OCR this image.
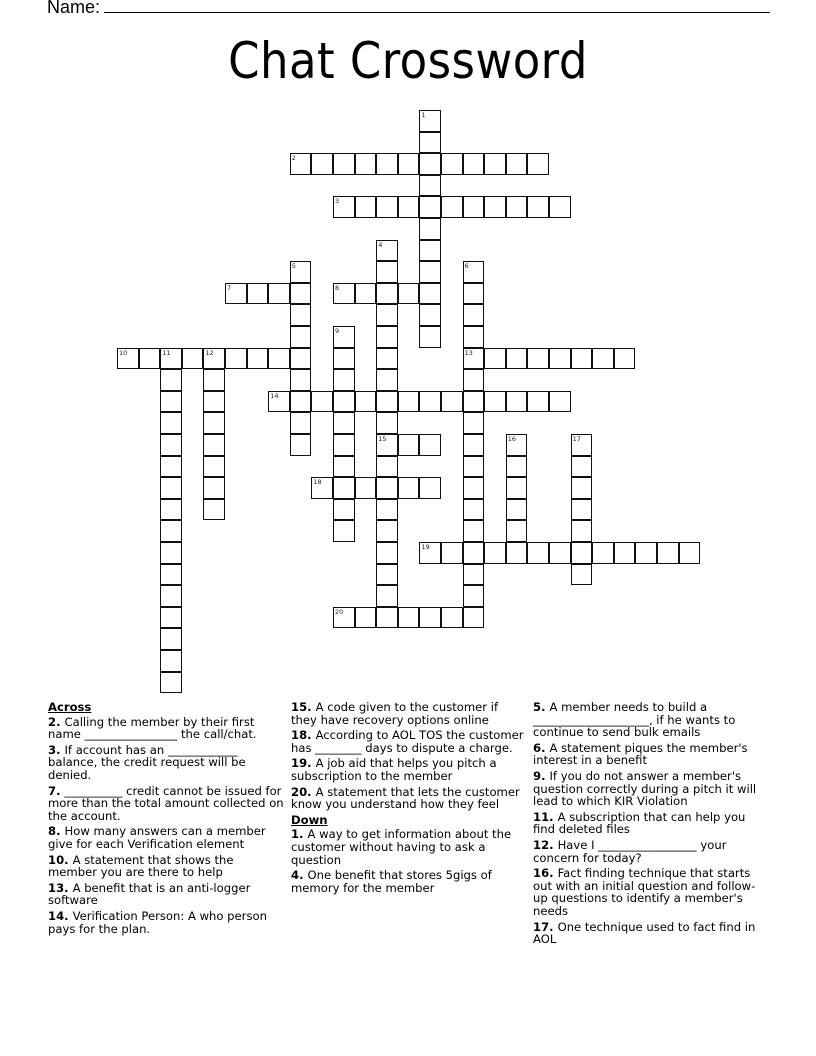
Name:
Chat Crossword
2
3
7	8
10	11	12	13
14
15
18
19
20
1
4
5	6
9
16	17
Across
2. Calling the member by their first name ________________ the call/chat.
3. If account has an ____________ balance, the credit request will be denied.
7. __________ credit cannot be issued for more than the total amount collected on the account.
8. How many answers can a member give for each Verification element
10. A statement that shows the member you are there to help
13. A benefit that is an anti-logger software
14. Verification Person: A who person pays for the plan.
15. A code given to the customer if they have recovery options online
18. According to AOL TOS the customer has ________ days to dispute a charge.
19. A job aid that helps you pitch a subscription to the member
20. A statement that lets the customer know you understand how they feel
Down
1. A way to get information about the customer without having to ask a question
4. One benefit that stores 5gigs of memory for the member
5. A member needs to build a ____________________, if he wants to continue to send bulk emails
6. A statement piques the member's interest in a benefit
9. If you do not answer a member's question correctly during a pitch it will lead to which KIR Violation
11. A subscription that can help you find deleted files
12. Have I _________________ your concern for today?
16. Fact finding technique that starts out with an initial question and follow-up questions to identify a member's needs
17. One technique used to fact find in AOL
